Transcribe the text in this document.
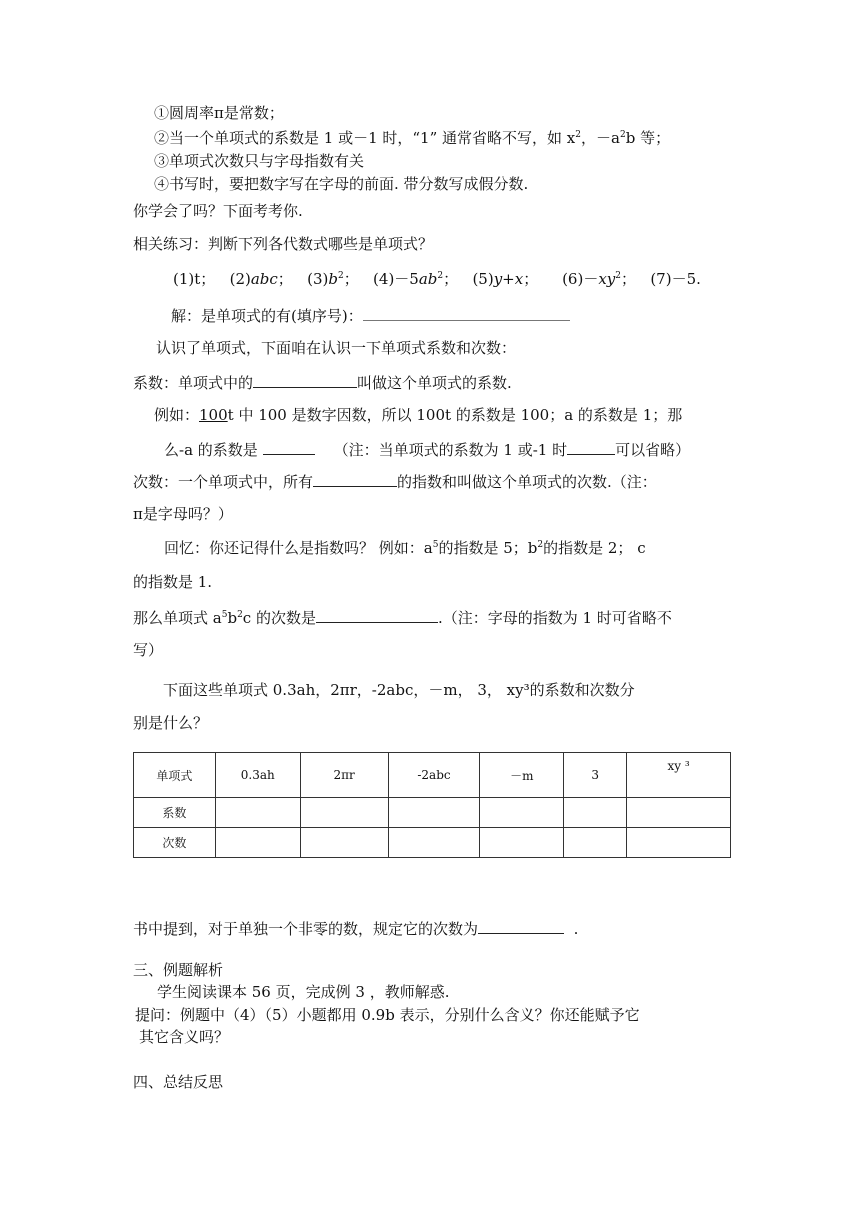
①圆周率π是常数；
②当一个单项式的系数是 1 或－1 时，“1” 通常省略不写，如 $x^2$，$-a^2b$ 等；
③单项式次数只与字母指数有关
④书写时，要把数字写在字母的前面. 带分数写成假分数.
你学会了吗？下面考考你.
相关练习：判断下列各代数式哪些是单项式？
(1)t； (2)abc； $(3)b^2$； $(4)-5ab^2$； (5)y+x； $(6)-xy^2$； (7)－5.
解：是单项式的有(填序号)：
认识了单项式，下面咱在认识一下单项式系数和次数：
系数：单项式中的	叫做这个单项式的系数.
例如：100t 中 100 是数字因数，所以 100t 的系数是 100；a 的系数是 1；那
么-a 的系数是	（注：当单项式的系数为 1 或-1 时	可以省略）
次数：一个单项式中，所有	的指数和叫做这个单项式的次数.（注：
π是字母吗？）
回忆：你还记得什么是指数吗？ 例如：$a^5$的指数是 5；$b^2$的指数是 2； c
的指数是 1.
那么单项式 $a^5b^2c$ 的次数是	.（注：字母的指数为 1 时可省略不
写）
下面这些单项式 0.3ah，2πr，-2abc，－m， 3， xy³的系数和次数分
别是什么？
单项式	0.3ah	2πr	-2abc	－m	3	xy ³
系数						
次数						
书中提到，对于单独一个非零的数，规定它的次数为	.
三、例题解析
学生阅读课本 56 页，完成例 3 ，教师解惑.
提问：例题中（4）（5）小题都用 0.9b 表示，分别什么含义？你还能赋予它
其它含义吗？
四、总结反思
